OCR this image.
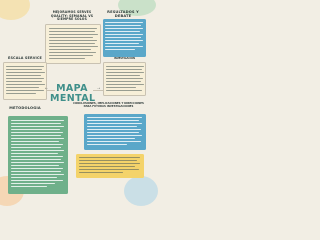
MEJORAMOS SERVES QUALITY: SEMANAL VS SIEMPRE SOLOS
RESULTADOS Y DEBATE
INVESTIGACION
ESCALA SERVICE
MAPA
MENTAL
←	→
METODOLOGIA
CONCLUSIONES, IMPLICACIONES Y DIRECCIONES PARA FUTURAS INVESTIGACIONES
